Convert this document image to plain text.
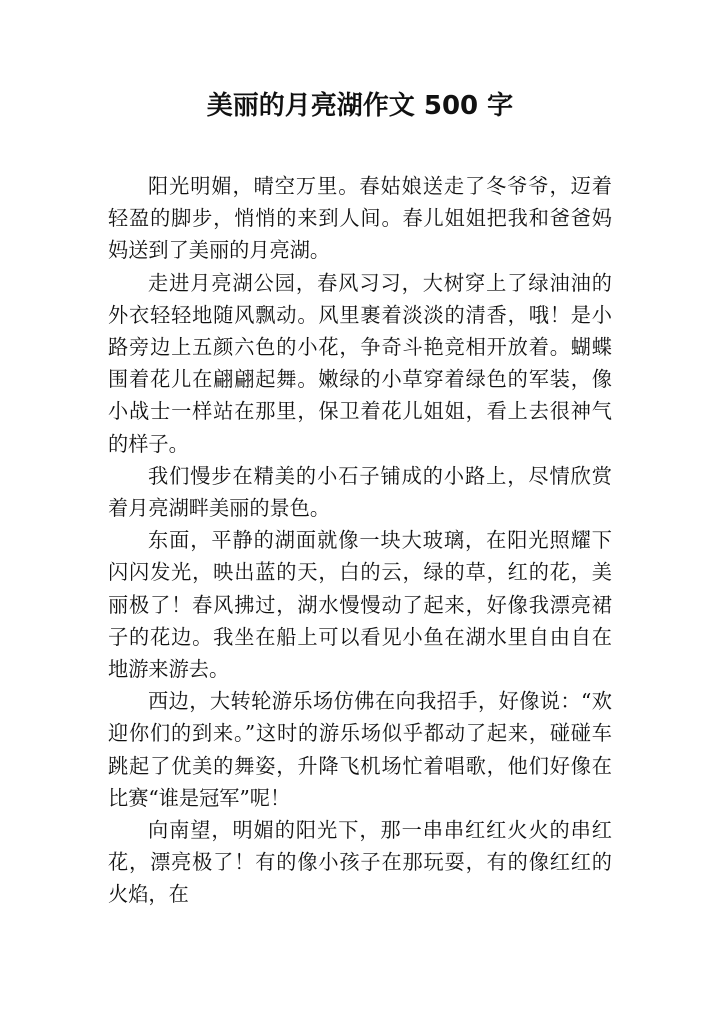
美丽的月亮湖作文 500 字

阳光明媚，晴空万里。春姑娘送走了冬爷爷，迈着轻盈的脚步，悄悄的来到人间。春儿姐姐把我和爸爸妈妈送到了美丽的月亮湖。

走进月亮湖公园，春风习习，大树穿上了绿油油的外衣轻轻地随风飘动。风里裹着淡淡的清香，哦！是小路旁边上五颜六色的小花，争奇斗艳竞相开放着。蝴蝶围着花儿在翩翩起舞。嫩绿的小草穿着绿色的军装，像小战士一样站在那里，保卫着花儿姐姐，看上去很神气的样子。

我们慢步在精美的小石子铺成的小路上，尽情欣赏着月亮湖畔美丽的景色。

东面，平静的湖面就像一块大玻璃，在阳光照耀下闪闪发光，映出蓝的天，白的云，绿的草，红的花，美丽极了！春风拂过，湖水慢慢动了起来，好像我漂亮裙子的花边。我坐在船上可以看见小鱼在湖水里自由自在地游来游去。

西边，大转轮游乐场仿佛在向我招手，好像说：“欢迎你们的到来。”这时的游乐场似乎都动了起来，碰碰车跳起了优美的舞姿，升降飞机场忙着唱歌，他们好像在比赛“谁是冠军”呢！

向南望，明媚的阳光下，那一串串红红火火的串红花，漂亮极了！有的像小孩子在那玩耍，有的像红红的火焰，在
